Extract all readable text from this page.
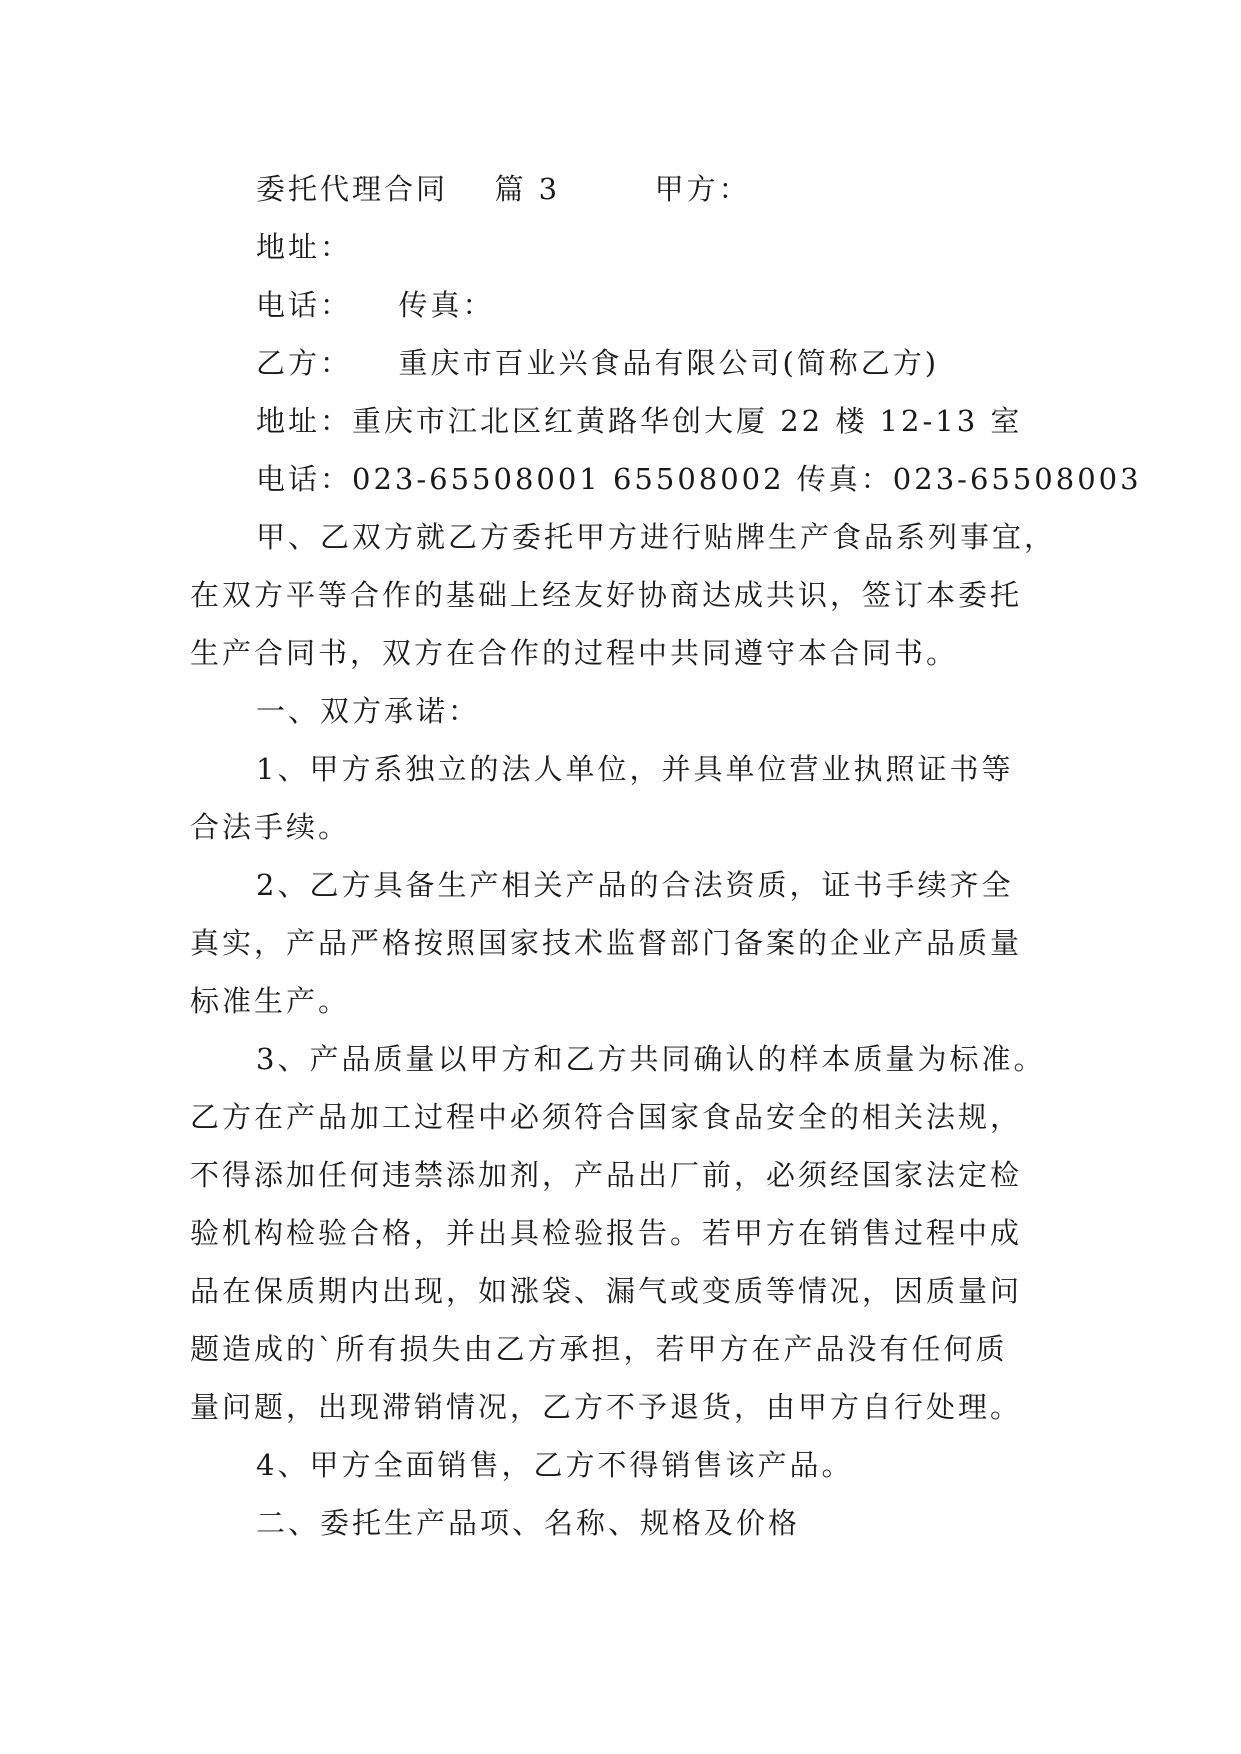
委托代理合同 篇 3	甲方：
地址：
电话： 传真：
乙方： 重庆市百业兴食品有限公司(简称乙方)
地址：重庆市江北区红黄路华创大厦 22 楼 12-13 室
电话：023-65508001 65508002 传真：023-65508003
甲、乙双方就乙方委托甲方进行贴牌生产食品系列事宜，
在双方平等合作的基础上经友好协商达成共识，签订本委托
生产合同书，双方在合作的过程中共同遵守本合同书。
一、双方承诺：
1、甲方系独立的法人单位，并具单位营业执照证书等
合法手续。
2、乙方具备生产相关产品的合法资质，证书手续齐全
真实，产品严格按照国家技术监督部门备案的企业产品质量
标准生产。
3、产品质量以甲方和乙方共同确认的样本质量为标准。
乙方在产品加工过程中必须符合国家食品安全的相关法规，
不得添加任何违禁添加剂，产品出厂前，必须经国家法定检
验机构检验合格，并出具检验报告。若甲方在销售过程中成
品在保质期内出现，如涨袋、漏气或变质等情况，因质量问
题造成的`所有损失由乙方承担，若甲方在产品没有任何质
量问题，出现滞销情况，乙方不予退货，由甲方自行处理。
4、甲方全面销售，乙方不得销售该产品。
二、委托生产品项、名称、规格及价格
